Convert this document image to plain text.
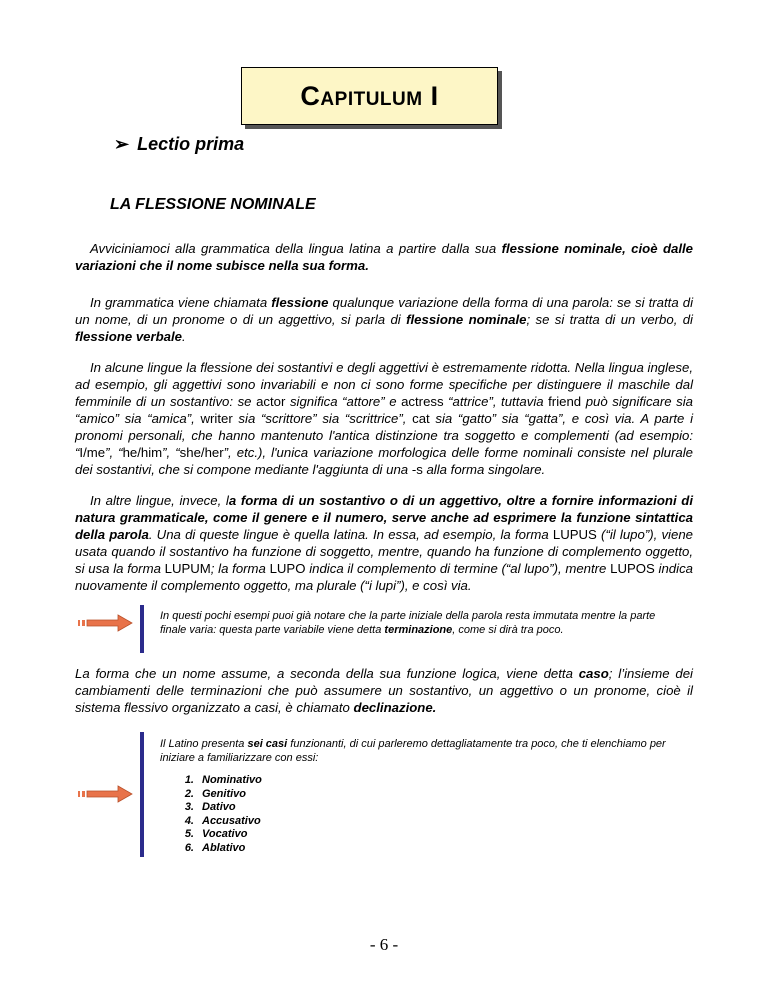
Capitulum I
➢ Lectio prima
LA FLESSIONE NOMINALE
Avviciniamoci alla grammatica della lingua latina a partire dalla sua flessione nominale, cioè dalle variazioni che il nome subisce nella sua forma.
In grammatica viene chiamata flessione qualunque variazione della forma di una parola: se si tratta di un nome, di un pronome o di un aggettivo, si parla di flessione nominale; se si tratta di un verbo, di flessione verbale.
In alcune lingue la flessione dei sostantivi e degli aggettivi è estremamente ridotta. Nella lingua inglese, ad esempio, gli aggettivi sono invariabili e non ci sono forme specifiche per distinguere il maschile dal femminile di un sostantivo: se actor significa “attore” e actress “attrice”, tuttavia friend può significare sia “amico” sia “amica”, writer sia “scrittore” sia “scrittrice”, cat sia “gatto” sia “gatta”, e così via. A parte i pronomi personali, che hanno mantenuto l'antica distinzione tra soggetto e complementi (ad esempio: “I/me”, “he/him”, “she/her”, etc.), l'unica variazione morfologica delle forme nominali consiste nel plurale dei sostantivi, che si compone mediante l'aggiunta di una -s alla forma singolare.
In altre lingue, invece, la forma di un sostantivo o di un aggettivo, oltre a fornire informazioni di natura grammaticale, come il genere e il numero, serve anche ad esprimere la funzione sintattica della parola. Una di queste lingue è quella latina. In essa, ad esempio, la forma LUPUS (“il lupo”), viene usata quando il sostantivo ha funzione di soggetto, mentre, quando ha funzione di complemento oggetto, si usa la forma LUPUM; la forma LUPO indica il complemento di termine (“al lupo”), mentre LUPOS indica nuovamente il complemento oggetto, ma plurale (“i lupi”), e così via.
In questi pochi esempi puoi già notare che la parte iniziale della parola resta immutata mentre la parte finale varia: questa parte variabile viene detta terminazione, come si dirà tra poco.
La forma che un nome assume, a seconda della sua funzione logica, viene detta caso; l’insieme dei cambiamenti delle terminazioni che può assumere un sostantivo, un aggettivo o un pronome, cioè il sistema flessivo organizzato a casi, è chiamato declinazione.
Il Latino presenta sei casi funzionanti, di cui parleremo dettagliatamente tra poco, che ti elenchiamo per iniziare a familiarizzare con essi:
1. Nominativo
2. Genitivo
3. Dativo
4. Accusativo
5. Vocativo
6. Ablativo
- 6 -
